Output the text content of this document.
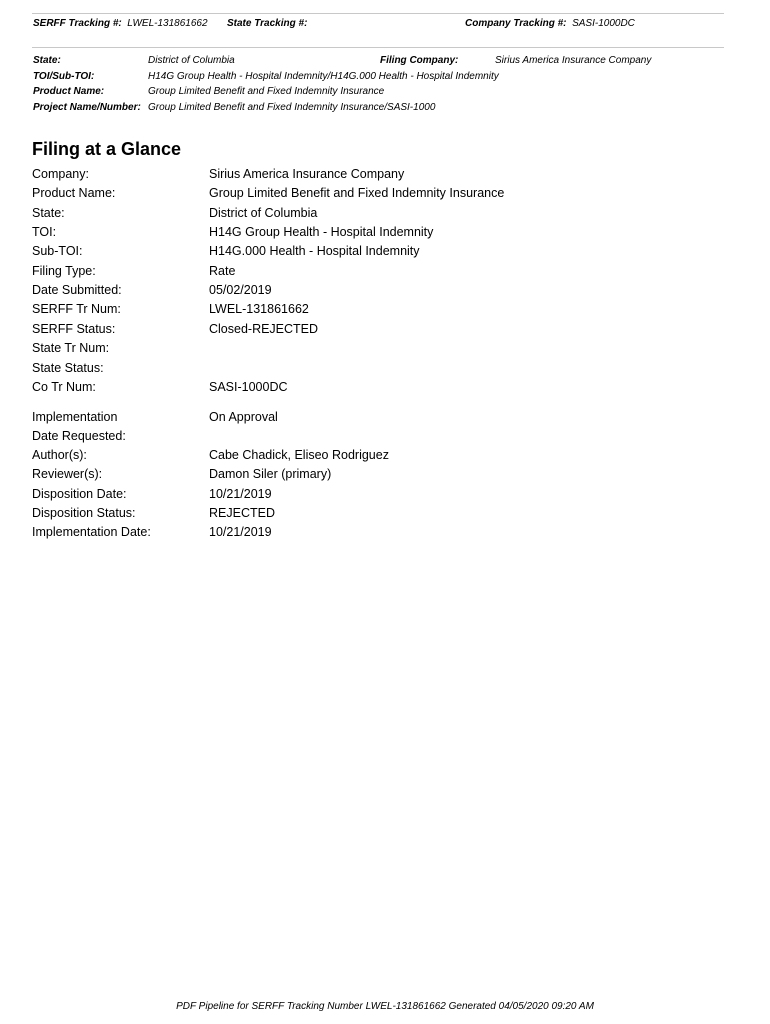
SERFF Tracking #: LWEL-131861662 State Tracking #:	Company Tracking #: SASI-1000DC
State:	District of Columbia	Filing Company:	Sirius America Insurance Company
TOI/Sub-TOI:	H14G Group Health - Hospital Indemnity/H14G.000 Health - Hospital Indemnity
Product Name:	Group Limited Benefit and Fixed Indemnity Insurance
Project Name/Number: Group Limited Benefit and Fixed Indemnity Insurance/SASI-1000
Filing at a Glance
Company:	Sirius America Insurance Company
Product Name:	Group Limited Benefit and Fixed Indemnity Insurance
State:	District of Columbia
TOI:	H14G Group Health - Hospital Indemnity
Sub-TOI:	H14G.000 Health - Hospital Indemnity
Filing Type:	Rate
Date Submitted:	05/02/2019
SERFF Tr Num:	LWEL-131861662
SERFF Status:	Closed-REJECTED
State Tr Num:
State Status:
Co Tr Num:	SASI-1000DC
Implementation	On Approval
Date Requested:
Author(s):	Cabe Chadick, Eliseo Rodriguez
Reviewer(s):	Damon Siler (primary)
Disposition Date:	10/21/2019
Disposition Status:	REJECTED
Implementation Date:	10/21/2019
PDF Pipeline for SERFF Tracking Number LWEL-131861662 Generated 04/05/2020 09:20 AM
